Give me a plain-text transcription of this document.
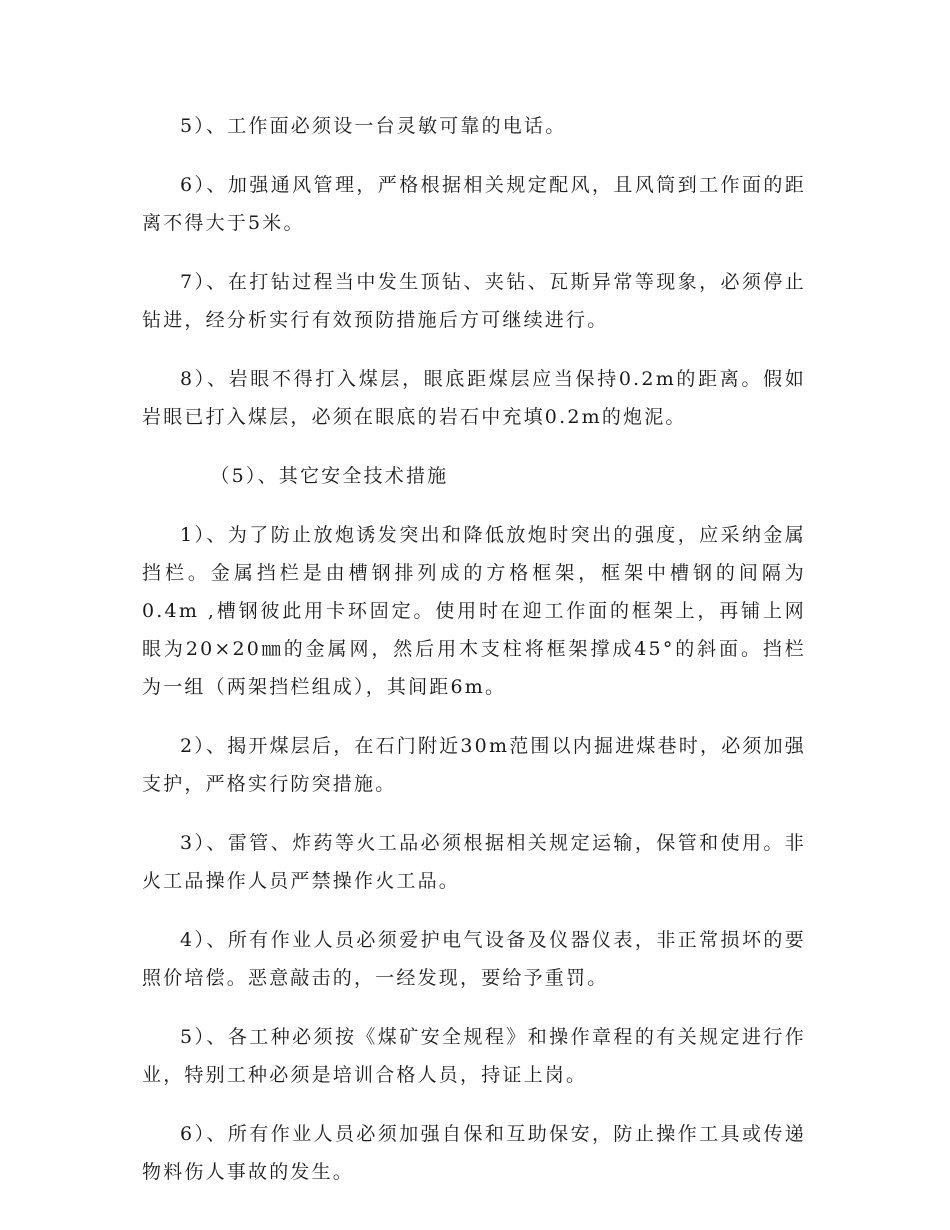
5）、工作面必须设一台灵敏可靠的电话。

6）、加强通风管理，严格根据相关规定配风，且风筒到工作面的距离不得大于5米。

7）、在打钻过程当中发生顶钻、夹钻、瓦斯异常等现象，必须停止钻进，经分析实行有效预防措施后方可继续进行。

8）、岩眼不得打入煤层，眼底距煤层应当保持0.2m的距离。假如岩眼已打入煤层，必须在眼底的岩石中充填0.2m的炮泥。

（5）、其它安全技术措施

1）、为了防止放炮诱发突出和降低放炮时突出的强度，应采纳金属挡栏。金属挡栏是由槽钢排列成的方格框架，框架中槽钢的间隔为0.4m ,槽钢彼此用卡环固定。使用时在迎工作面的框架上，再铺上网眼为20×20㎜的金属网，然后用木支柱将框架撑成45°的斜面。挡栏为一组（两架挡栏组成），其间距6m。

2）、揭开煤层后，在石门附近30m范围以内掘进煤巷时，必须加强支护，严格实行防突措施。

3）、雷管、炸药等火工品必须根据相关规定运输，保管和使用。非火工品操作人员严禁操作火工品。

4）、所有作业人员必须爱护电气设备及仪器仪表，非正常损坏的要照价培偿。恶意敲击的，一经发现，要给予重罚。

5）、各工种必须按《煤矿安全规程》和操作章程的有关规定进行作业，特别工种必须是培训合格人员，持证上岗。

6）、所有作业人员必须加强自保和互助保安，防止操作工具或传递物料伤人事故的发生。
